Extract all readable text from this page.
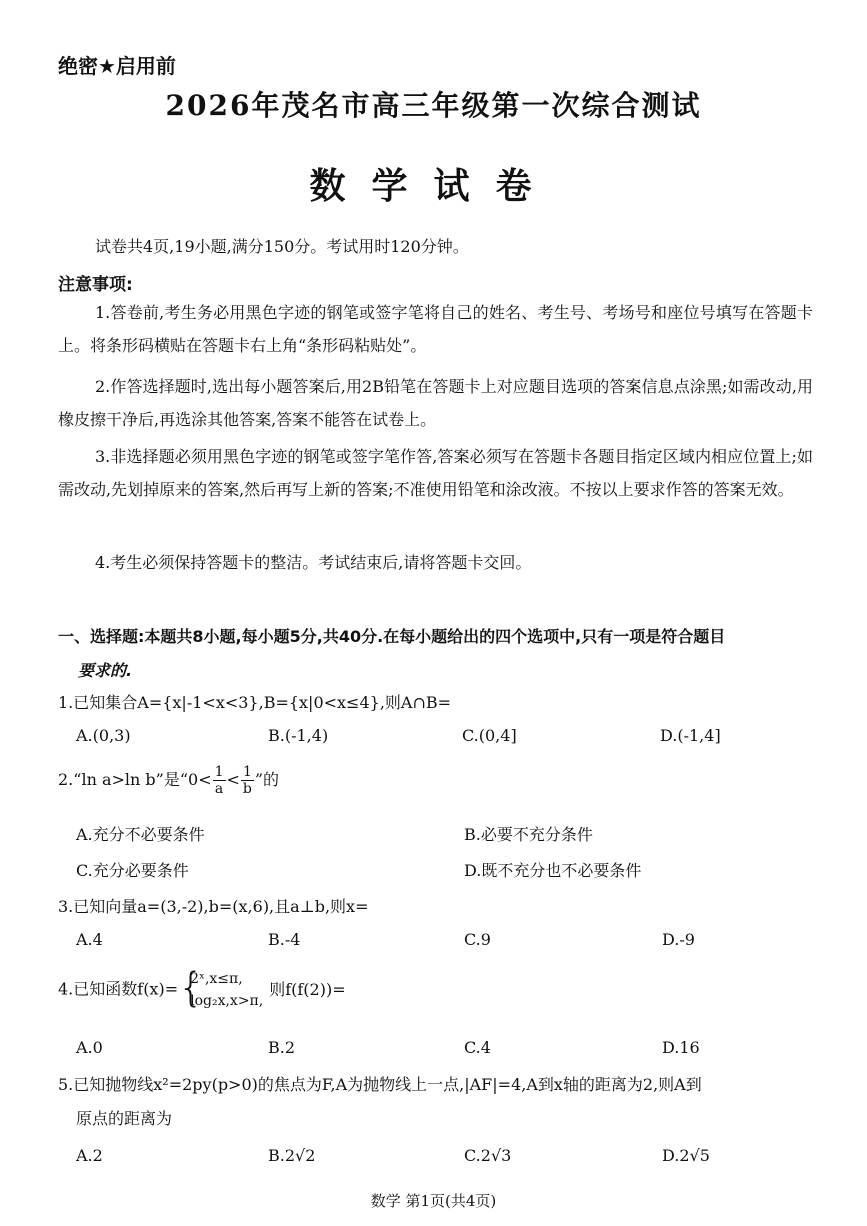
绝密★启用前
2026年茂名市高三年级第一次综合测试
数学试卷
试卷共4页,19小题,满分150分。考试用时120分钟。
注意事项:
1.答卷前,考生务必用黑色字迹的钢笔或签字笔将自己的姓名、考生号、考场号和座位号填写在答题卡上。将条形码横贴在答题卡右上角“条形码粘贴处”。
2.作答选择题时,选出每小题答案后,用2B铅笔在答题卡上对应题目选项的答案信息点涂黑;如需改动,用橡皮擦干净后,再选涂其他答案,答案不能答在试卷上。
3.非选择题必须用黑色字迹的钢笔或签字笔作答,答案必须写在答题卡各题目指定区域内相应位置上;如需改动,先划掉原来的答案,然后再写上新的答案;不准使用铅笔和涂改液。不按以上要求作答的答案无效。
4.考生必须保持答题卡的整洁。考试结束后,请将答题卡交回。
一、选择题:本题共8小题,每小题5分,共40分.在每小题给出的四个选项中,只有一项是符合题目
要求的.
1.已知集合A={x|-1<x<3},B={x|0<x≤4},则A∩B=
A.(0,3)	B.(-1,4)	C.(0,4]	D.(-1,4]
2.“ln a>ln b”是“$0< \frac{1}{a} < \frac{1}{b}$ ”的
A.充分不必要条件	B.必要不充分条件
C.充分必要条件	D.既不充分也不必要条件
3.已知向量a=(3,-2),b=(x,6),且a⊥b,则x=
A.4	B.-4	C.9	D.-9
4.已知函数f(x)= {
2ˣ,x≤π,
log₂x,x>π,
则f(f(2))=
A.0	B.2	C.4	D.16
5.已知抛物线x²=2py(p>0)的焦点为F,A为抛物线上一点,|AF|=4,A到x轴的距离为2,则A到
原点的距离为
A.2	B.2√2	C.2√3	D.2√5
数学 第1页(共4页)
